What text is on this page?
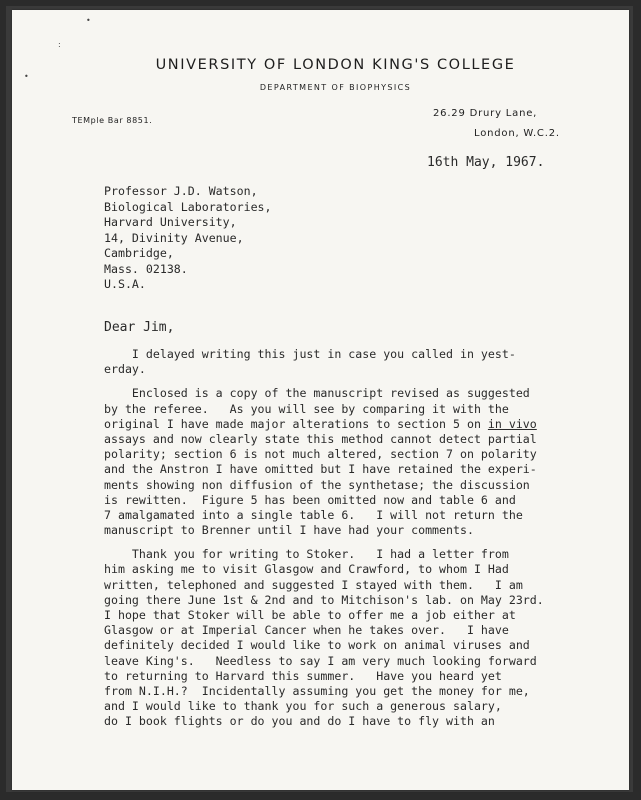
•
:
•
UNIVERSITY OF LONDON KING'S COLLEGE
DEPARTMENT OF BIOPHYSICS
TEMple Bar 8851.
26.29 Drury Lane,
London, W.C.2.
16th May, 1967.
Professor J.D. Watson,
Biological Laboratories,
Harvard University,
14, Divinity Avenue,
Cambridge,
Mass. 02138.
U.S.A.
Dear Jim,
I delayed writing this just in case you called in yest-
erday.
Enclosed is a copy of the manuscript revised as suggested
by the referee.   As you will see by comparing it with the
original I have made major alterations to section 5 on in vivo
assays and now clearly state this method cannot detect partial
polarity; section 6 is not much altered, section 7 on polarity
and the Anstron I have omitted but I have retained the experi-
ments showing non diffusion of the synthetase; the discussion
is rewitten.  Figure 5 has been omitted now and table 6 and
7 amalgamated into a single table 6.   I will not return the
manuscript to Brenner until I have had your comments.
Thank you for writing to Stoker.   I had a letter from
him asking me to visit Glasgow and Crawford, to whom I Had
written, telephoned and suggested I stayed with them.   I am
going there June 1st & 2nd and to Mitchison's lab. on May 23rd.
I hope that Stoker will be able to offer me a job either at
Glasgow or at Imperial Cancer when he takes over.   I have
definitely decided I would like to work on animal viruses and
leave King's.   Needless to say I am very much looking forward
to returning to Harvard this summer.   Have you heard yet
from N.I.H.?  Incidentally assuming you get the money for me,
and I would like to thank you for such a generous salary,
do I book flights or do you and do I have to fly with an
